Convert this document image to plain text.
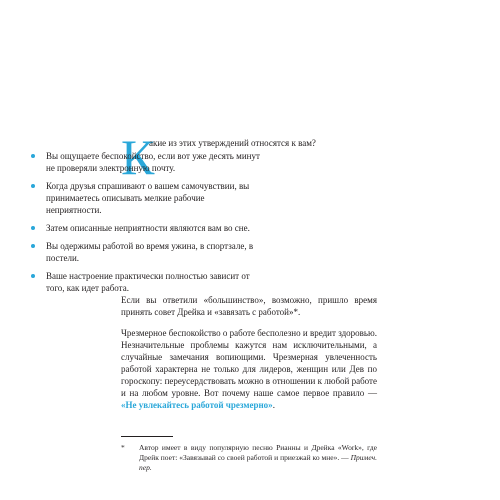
К
акие из этих утверждений относятся к вам?
Вы ощущаете беспокойство, если вот уже десять минут не проверяли электронную почту.
Когда друзья спрашивают о вашем самочувствии, вы принимаетесь описывать мелкие рабочие неприятности.
Затем описанные неприятности являются вам во сне.
Вы одержимы работой во время ужина, в спортзале, в постели.
Ваше настроение практически полностью зависит от того, как идет работа.

Если вы ответили «большинство», возможно, пришло время принять совет Дрейка и «завязать с работой»*.

Чрезмерное беспокойство о работе бесполезно и вредит здоровью. Незначительные проблемы кажутся нам исключительными, а случайные замечания вопиющими. Чрезмерная увлеченность работой характерна не только для лидеров, женщин или Дев по гороскопу: переусердствовать можно в отношении к любой работе и на любом уровне. Вот почему наше самое первое правило — «Не увлекайтесь работой чрезмерно».

*	Автор имеет в виду популярную песню Рианны и Дрейка «Work», где Дрейк поет: «Завязывай со своей работой и приезжай ко мне». — Примеч. пер.
